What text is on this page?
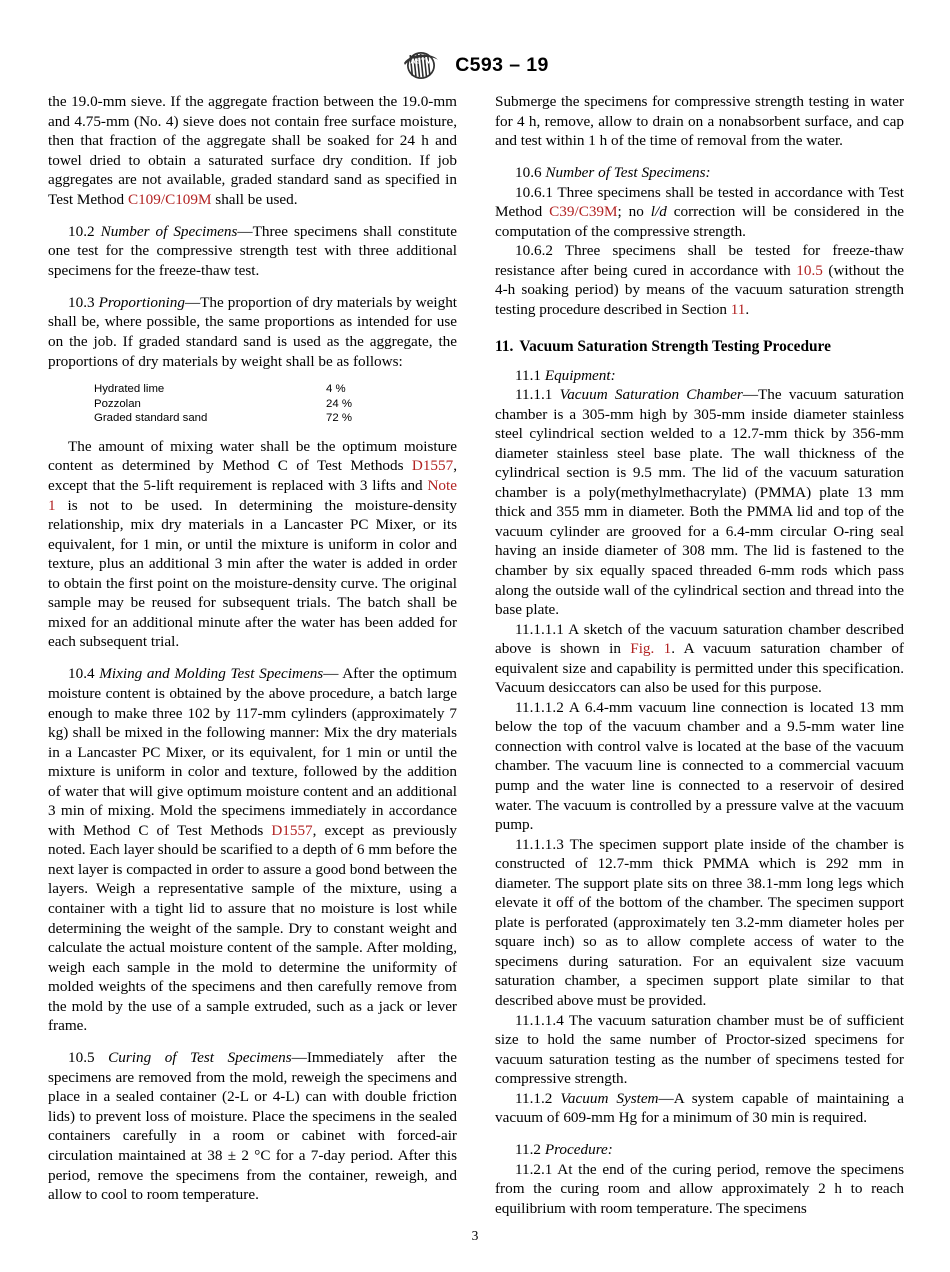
ASTM C593 – 19

the 19.0-mm sieve. If the aggregate fraction between the 19.0-mm and 4.75-mm (No. 4) sieve does not contain free surface moisture, then that fraction of the aggregate shall be soaked for 24 h and towel dried to obtain a saturated surface dry condition. If job aggregates are not available, graded standard sand as specified in Test Method C109/C109M shall be used.

10.2 Number of Specimens—Three specimens shall constitute one test for the compressive strength test with three additional specimens for the freeze-thaw test.

10.3 Proportioning—The proportion of dry materials by weight shall be, where possible, the same proportions as intended for use on the job. If graded standard sand is used as the aggregate, the proportions of dry materials by weight shall be as follows:

Hydrated lime	4 %
Pozzolan	24 %
Graded standard sand	72 %

The amount of mixing water shall be the optimum moisture content as determined by Method C of Test Methods D1557, except that the 5-lift requirement is replaced with 3 lifts and Note 1 is not to be used. In determining the moisture-density relationship, mix dry materials in a Lancaster PC Mixer, or its equivalent, for 1 min, or until the mixture is uniform in color and texture, plus an additional 3 min after the water is added in order to obtain the first point on the moisture-density curve. The original sample may be reused for subsequent trials. The batch shall be mixed for an additional minute after the water has been added for each subsequent trial.

10.4 Mixing and Molding Test Specimens— After the optimum moisture content is obtained by the above procedure, a batch large enough to make three 102 by 117-mm cylinders (approximately 7 kg) shall be mixed in the following manner: Mix the dry materials in a Lancaster PC Mixer, or its equivalent, for 1 min or until the mixture is uniform in color and texture, followed by the addition of water that will give optimum moisture content and an additional 3 min of mixing. Mold the specimens immediately in accordance with Method C of Test Methods D1557, except as previously noted. Each layer should be scarified to a depth of 6 mm before the next layer is compacted in order to assure a good bond between the layers. Weigh a representative sample of the mixture, using a container with a tight lid to assure that no moisture is lost while determining the weight of the sample. Dry to constant weight and calculate the actual moisture content of the sample. After molding, weigh each sample in the mold to determine the uniformity of molded weights of the specimens and then carefully remove from the mold by the use of a sample extruded, such as a jack or lever frame.

10.5 Curing of Test Specimens—Immediately after the specimens are removed from the mold, reweigh the specimens and place in a sealed container (2-L or 4-L) can with double friction lids) to prevent loss of moisture. Place the specimens in the sealed containers carefully in a room or cabinet with forced-air circulation maintained at 38 ± 2 °C for a 7-day period. After this period, remove the specimens from the container, reweigh, and allow to cool to room temperature.

Submerge the specimens for compressive strength testing in water for 4 h, remove, allow to drain on a nonabsorbent surface, and cap and test within 1 h of the time of removal from the water.

10.6 Number of Test Specimens:

10.6.1 Three specimens shall be tested in accordance with Test Method C39/C39M; no l/d correction will be considered in the computation of the compressive strength.

10.6.2 Three specimens shall be tested for freeze-thaw resistance after being cured in accordance with 10.5 (without the 4-h soaking period) by means of the vacuum saturation strength testing procedure described in Section 11.

11. Vacuum Saturation Strength Testing Procedure

11.1 Equipment:

11.1.1 Vacuum Saturation Chamber—The vacuum saturation chamber is a 305-mm high by 305-mm inside diameter stainless steel cylindrical section welded to a 12.7-mm thick by 356-mm diameter stainless steel base plate. The wall thickness of the cylindrical section is 9.5 mm. The lid of the vacuum saturation chamber is a poly(methylmethacrylate) (PMMA) plate 13 mm thick and 355 mm in diameter. Both the PMMA lid and top of the vacuum cylinder are grooved for a 6.4-mm circular O-ring seal having an inside diameter of 308 mm. The lid is fastened to the chamber by six equally spaced threaded 6-mm rods which pass along the outside wall of the cylindrical section and thread into the base plate.

11.1.1.1 A sketch of the vacuum saturation chamber described above is shown in Fig. 1. A vacuum saturation chamber of equivalent size and capability is permitted under this specification. Vacuum desiccators can also be used for this purpose.

11.1.1.2 A 6.4-mm vacuum line connection is located 13 mm below the top of the vacuum chamber and a 9.5-mm water line connection with control valve is located at the base of the vacuum chamber. The vacuum line is connected to a commercial vacuum pump and the water line is connected to a reservoir of desired water. The vacuum is controlled by a pressure valve at the vacuum pump.

11.1.1.3 The specimen support plate inside of the chamber is constructed of 12.7-mm thick PMMA which is 292 mm in diameter. The support plate sits on three 38.1-mm long legs which elevate it off of the bottom of the chamber. The specimen support plate is perforated (approximately ten 3.2-mm diameter holes per square inch) so as to allow complete access of water to the specimens during saturation. For an equivalent size vacuum saturation chamber, a specimen support plate similar to that described above must be provided.

11.1.1.4 The vacuum saturation chamber must be of sufficient size to hold the same number of Proctor-sized specimens for vacuum saturation testing as the number of specimens tested for compressive strength.

11.1.2 Vacuum System—A system capable of maintaining a vacuum of 609-mm Hg for a minimum of 30 min is required.

11.2 Procedure:

11.2.1 At the end of the curing period, remove the specimens from the curing room and allow approximately 2 h to reach equilibrium with room temperature. The specimens

3
